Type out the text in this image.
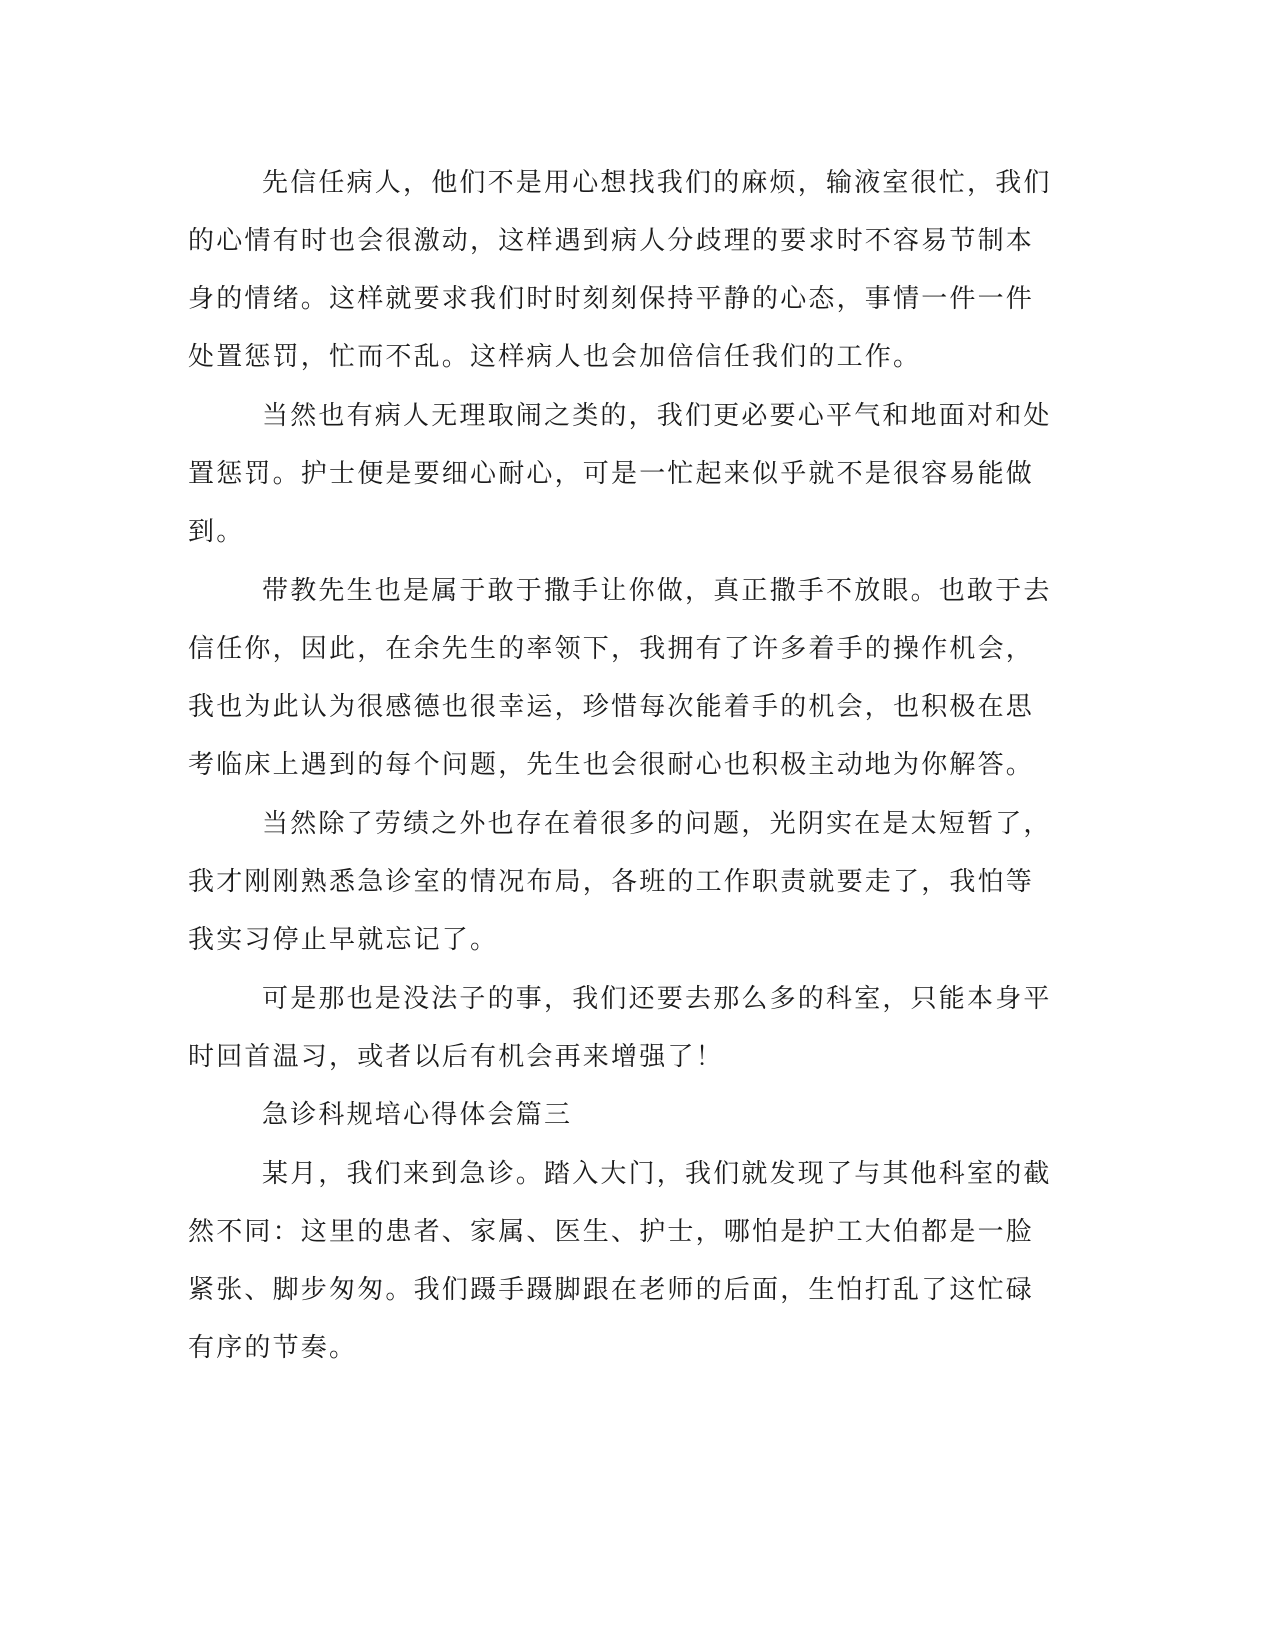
先信任病人，他们不是用心想找我们的麻烦，输液室很忙，我们
的心情有时也会很激动，这样遇到病人分歧理的要求时不容易节制本
身的情绪。这样就要求我们时时刻刻保持平静的心态，事情一件一件
处置惩罚，忙而不乱。这样病人也会加倍信任我们的工作。
当然也有病人无理取闹之类的，我们更必要心平气和地面对和处
置惩罚。护士便是要细心耐心，可是一忙起来似乎就不是很容易能做
到。
带教先生也是属于敢于撒手让你做，真正撒手不放眼。也敢于去
信任你，因此，在余先生的率领下，我拥有了许多着手的操作机会，
我也为此认为很感德也很幸运，珍惜每次能着手的机会，也积极在思
考临床上遇到的每个问题，先生也会很耐心也积极主动地为你解答。
当然除了劳绩之外也存在着很多的问题，光阴实在是太短暂了，
我才刚刚熟悉急诊室的情况布局，各班的工作职责就要走了，我怕等
我实习停止早就忘记了。
可是那也是没法子的事，我们还要去那么多的科室，只能本身平
时回首温习，或者以后有机会再来增强了！
急诊科规培心得体会篇三
某月，我们来到急诊。踏入大门，我们就发现了与其他科室的截
然不同：这里的患者、家属、医生、护士，哪怕是护工大伯都是一脸
紧张、脚步匆匆。我们蹑手蹑脚跟在老师的后面，生怕打乱了这忙碌
有序的节奏。
